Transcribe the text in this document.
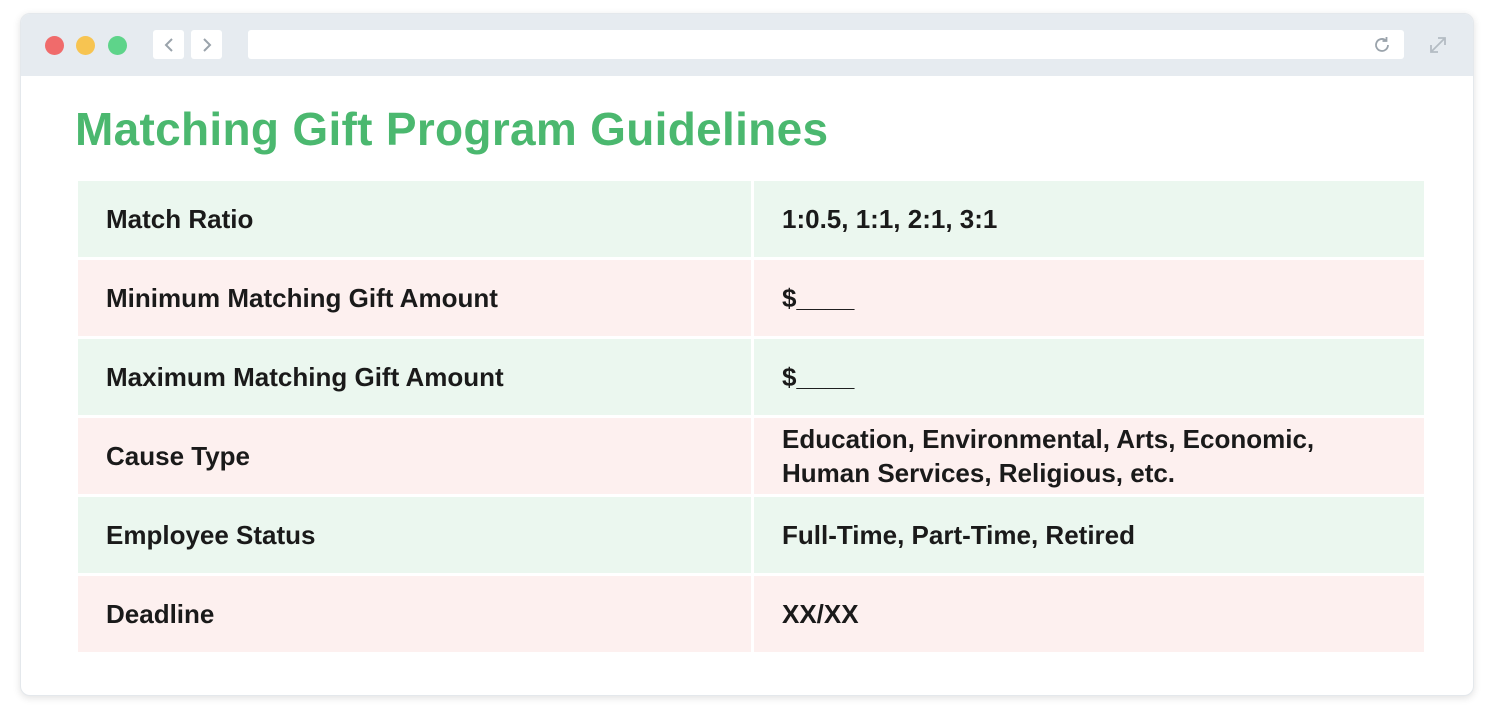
Matching Gift Program Guidelines
Match Ratio	1:0.5, 1:1, 2:1, 3:1
Minimum Matching Gift Amount	$____
Maximum Matching Gift Amount	$____
Cause Type	Education, Environmental, Arts, Economic, Human Services, Religious, etc.
Employee Status	Full-Time, Part-Time, Retired
Deadline	XX/XX
